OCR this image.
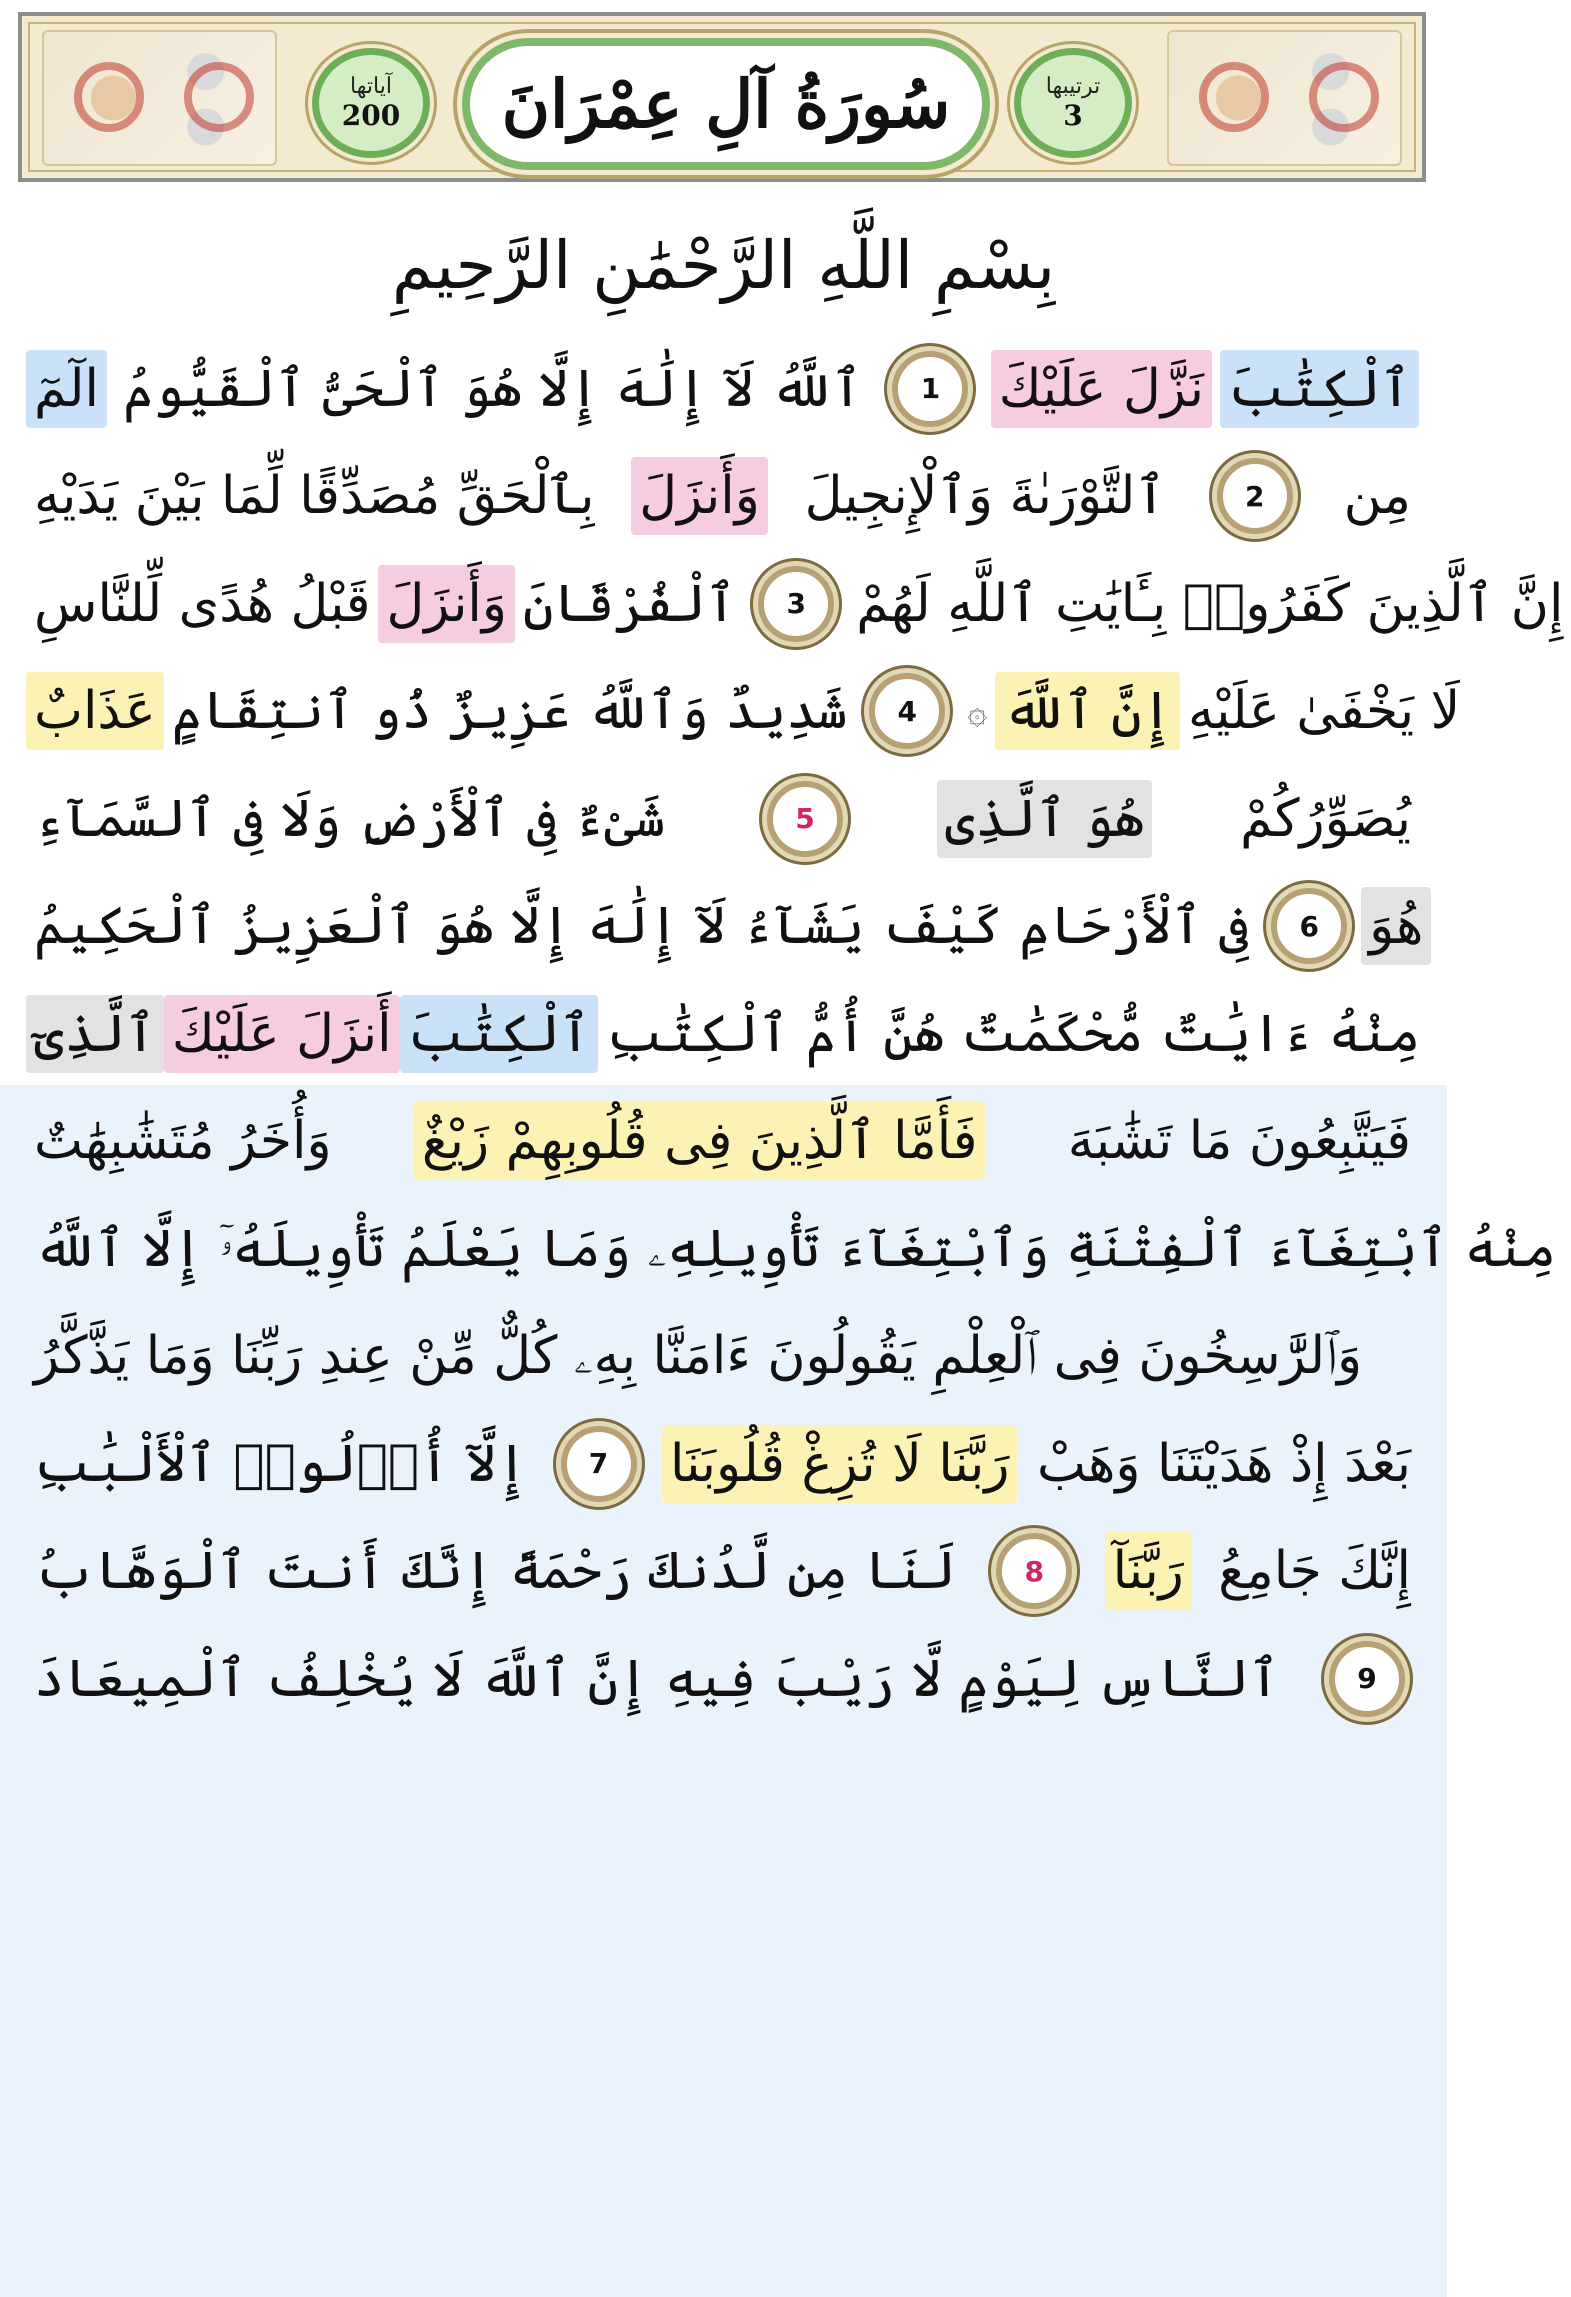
آياتها
200 سُورَةُ آلِ عِمْرَانَ	ترتيبها
3
بِسْمِ اللَّهِ الرَّحْمَٰنِ الرَّحِيمِ
الٓمٓ ٱللَّهُ لَآ إِلَٰهَ إِلَّا هُوَ ٱلْحَىُّ ٱلْقَيُّومُ	1	نَزَّلَ عَلَيْكَ ٱلْكِتَٰبَ
بِٱلْحَقِّ مُصَدِّقًا لِّمَا بَيْنَ يَدَيْهِ وَأَنزَلَ ٱلتَّوْرَىٰةَ وَٱلْإِنجِيلَ	2	مِن
قَبْلُ هُدًى لِّلنَّاسِ وَأَنزَلَ ٱلْفُرْقَانَ	3 إِنَّ ٱلَّذِينَ كَفَرُوا۟ بِـَٔايَٰتِ ٱللَّهِ لَهُمْ
عَذَابٌ شَدِيدٌ وَٱللَّهُ عَزِيزٌ ذُو ٱنتِقَامٍ	4	۞ إِنَّ ٱللَّهَ لَا يَخْفَىٰ عَلَيْهِ
شَىْءٌ فِى ٱلْأَرْضِ وَلَا فِى ٱلسَّمَآءِ	5	هُوَ ٱلَّذِى يُصَوِّرُكُمْ
فِى ٱلْأَرْحَامِ كَيْفَ يَشَآءُ لَآ إِلَٰهَ إِلَّا هُوَ ٱلْعَزِيزُ ٱلْحَكِيمُ	6 هُوَ
ٱلَّذِىٓ أَنزَلَ عَلَيْكَ ٱلْكِتَٰبَ مِنْهُ ءَايَٰتٌ مُّحْكَمَٰتٌ هُنَّ أُمُّ ٱلْكِتَٰبِ
وَأُخَرُ مُتَشَٰبِهَٰتٌ فَأَمَّا ٱلَّذِينَ فِى قُلُوبِهِمْ زَيْغٌ فَيَتَّبِعُونَ مَا تَشَٰبَهَ
مِنْهُ ٱبْتِغَآءَ ٱلْفِتْنَةِ وَٱبْتِغَآءَ تَأْوِيلِهِۦ وَمَا يَعْلَمُ تَأْوِيلَهُۥٓ إِلَّا ٱللَّهُ
وَٱلرَّٰسِخُونَ فِى ٱلْعِلْمِ يَقُولُونَ ءَامَنَّا بِهِۦ كُلٌّ مِّنْ عِندِ رَبِّنَا وَمَا يَذَّكَّرُ
إِلَّآ أُو۟لُوا۟ ٱلْأَلْبَٰبِ	7	رَبَّنَا لَا تُزِغْ قُلُوبَنَا بَعْدَ إِذْ هَدَيْتَنَا وَهَبْ
لَنَا مِن لَّدُنكَ رَحْمَةً إِنَّكَ أَنتَ ٱلْوَهَّابُ	8	رَبَّنَآ إِنَّكَ جَامِعُ
ٱلنَّاسِ لِيَوْمٍ لَّا رَيْبَ فِيهِ إِنَّ ٱللَّهَ لَا يُخْلِفُ ٱلْمِيعَادَ	9
